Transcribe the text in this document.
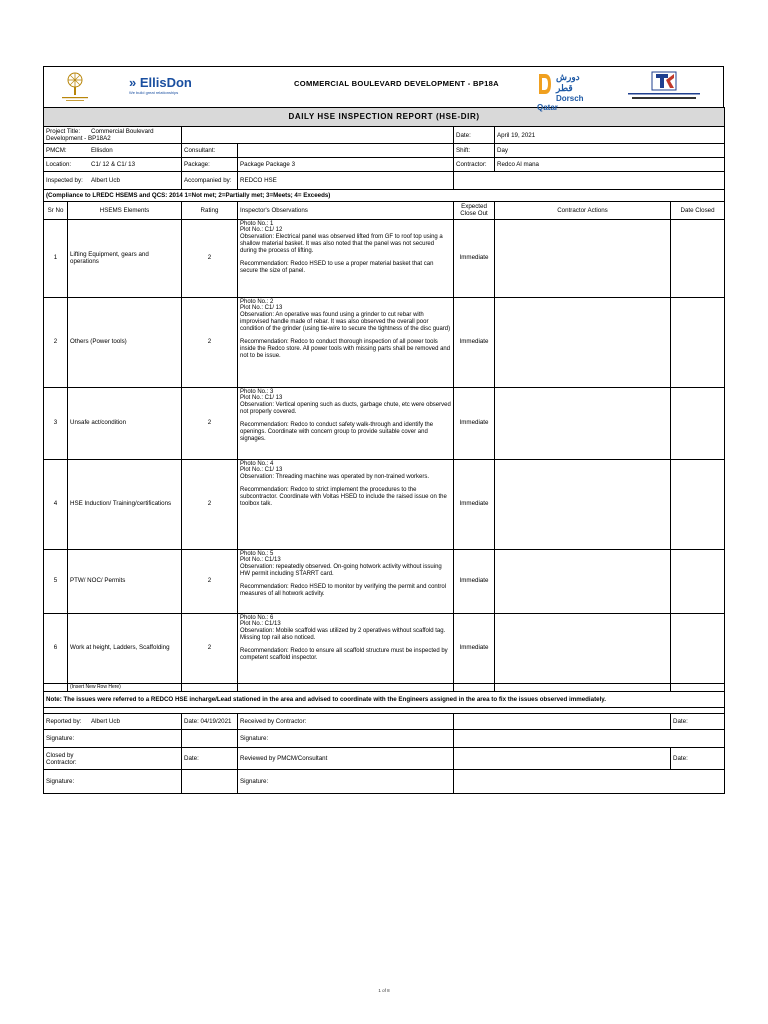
» EllisDon
We build great relationships
COMMERCIAL BOULEVARD DEVELOPMENT - BP18A
دورش قطر
Dorsch Qatar
DAILY HSE INSPECTION REPORT (HSE-DIR)						
Project Title: Commercial Boulevard Development - BP18A2				Date:	April 19, 2021	
PMCM: Ellisdon		Consultant:		Shift:	Day	
Location: C1/ 12 & C1/ 13		Package:	Package Package 3	Contractor:	Redco Al mana	
Inspected by: Albert Ucb		Accompanied by:	REDCO HSE			
(Compliance to LREDC HSEMS and QCS: 2014 1=Not met; 2=Partially met; 3=Meets; 4= Exceeds)						
Sr No	HSEMS Elements	Rating	Inspector's Observations	Expected Close Out	Contractor Actions	Date Closed
1	Lifting Equipment, gears and operations	2	Photo No.: 1
Plot No.: C1/ 12
Observation: Electrical panel was observed lifted from GF to roof top using a shallow material basket. It was also noted that the panel was not secured during the process of lifting.

Recommendation: Redco HSED to use a proper material basket that can secure the size of panel.	Immediate		
2	Others (Power tools)	2	Photo No.: 2
Plot No.: C1/ 13
Observation: An operative was found using a grinder to cut rebar with improvised handle made of rebar. It was also observed the overall poor condition of the grinder (using tie-wire to secure the tightness of the disc guard)

Recommendation: Redco to conduct thorough inspection of all power tools inside the Redco store. All power tools with missing parts shall be removed and not to be issue.	Immediate		
3	Unsafe act/condition	2	Photo No.: 3
Plot No.: C1/ 13
Observation: Vertical opening such as ducts, garbage chute, etc were observed not properly covered.

Recommendation: Redco to conduct safety walk-through and identify the openings. Coordinate with concern group to provide suitable cover and signages.	Immediate		
4	HSE Induction/ Training/certifications	2	Photo No.: 4
Plot No.: C1/ 13
Observation: Threading machine was operated by non-trained workers.

Recommendation: Redco to strict implement the procedures to the subcontractor. Coordinate with Voltas HSED to include the raised issue on the toolbox talk.	Immediate		
5	PTW/ NOC/ Permits	2	Photo No.: 5
Plot No.: C1/13
Observation: repeatedly observed. On-going hotwork activity without issuing HW permit including STARRT card.

Recommendation: Redco HSED to monitor by verifying the permit and control measures of all hotwork activity.	Immediate		
6	Work at height, Ladders, Scaffolding	2	Photo No.: 6
Plot No.: C1/13
Observation: Mobile scaffold was utilized by 2 operatives without scaffold tag. Missing top rail also noticed.

Recommendation: Redco to ensure all scaffold structure must be inspected by competent scaffold inspector.	Immediate		
	(Insert New Row Here)					
Note: The issues were referred to a REDCO HSE incharge/Lead stationed in the area and advised to coordinate with the Engineers assigned in the area to fix the issues observed immediately.						

Reported by: Albert Ucb		Date: 04/19/2021	Received by Contractor:			Date:
Signature:			Signature:			
Closed by Contractor:		Date:	Reviewed by PMCM/Consultant			Date:
Signature:			Signature:			
1 of 8
